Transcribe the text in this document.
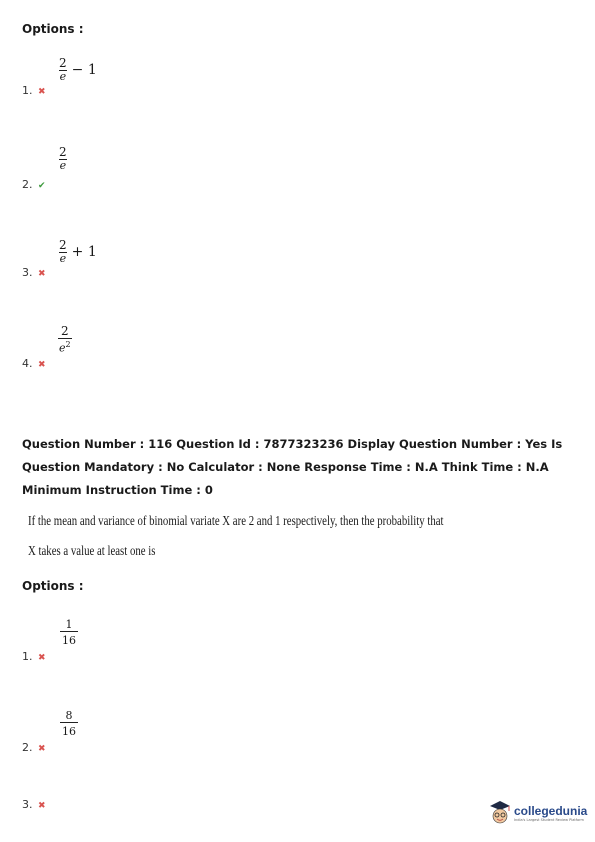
Options :
$\frac{2}{e} - 1$
1. ✖
$\frac{2}{e}$
2. ✔
$\frac{2}{e} + 1$
3. ✖
$\frac{2}{e^2}$
4. ✖
Question Number : 116 Question Id : 7877323236 Display Question Number : Yes Is Question Mandatory : No Calculator : None Response Time : N.A Think Time : N.A Minimum Instruction Time : 0
If the mean and variance of binomial variate X are 2 and 1 respectively, then the probability that
X takes a value at least one is
Options :
$\frac{1}{16}$
1. ✖
$\frac{8}{16}$
2. ✖
3. ✖	collegedunia
India's Largest Student Review Platform
